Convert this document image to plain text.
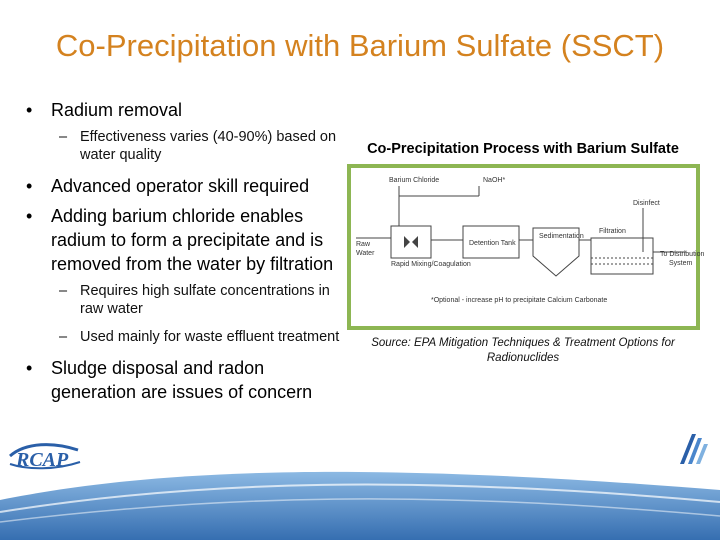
Co-Precipitation with Barium Sulfate (SSCT)
• Radium removal
– Effectiveness varies (40-90%) based on water quality
• Advanced operator skill required
• Adding barium chloride enables radium to form a precipitate and is removed from the water by filtration
– Requires high sulfate concentrations in raw water
– Used mainly for waste effluent treatment
• Sludge disposal and radon generation are issues of concern
Co-Precipitation Process with Barium Sulfate
Barium Chloride	NaOH*
Disinfect
Raw
Water
Detention Tank
Sedimentation
Filtration
To Distribution
System
Rapid Mixing/Coagulation
*Optional - increase pH to precipitate Calcium Carbonate
Source: EPA Mitigation Techniques & Treatment Options for Radionuclides
RCAP
